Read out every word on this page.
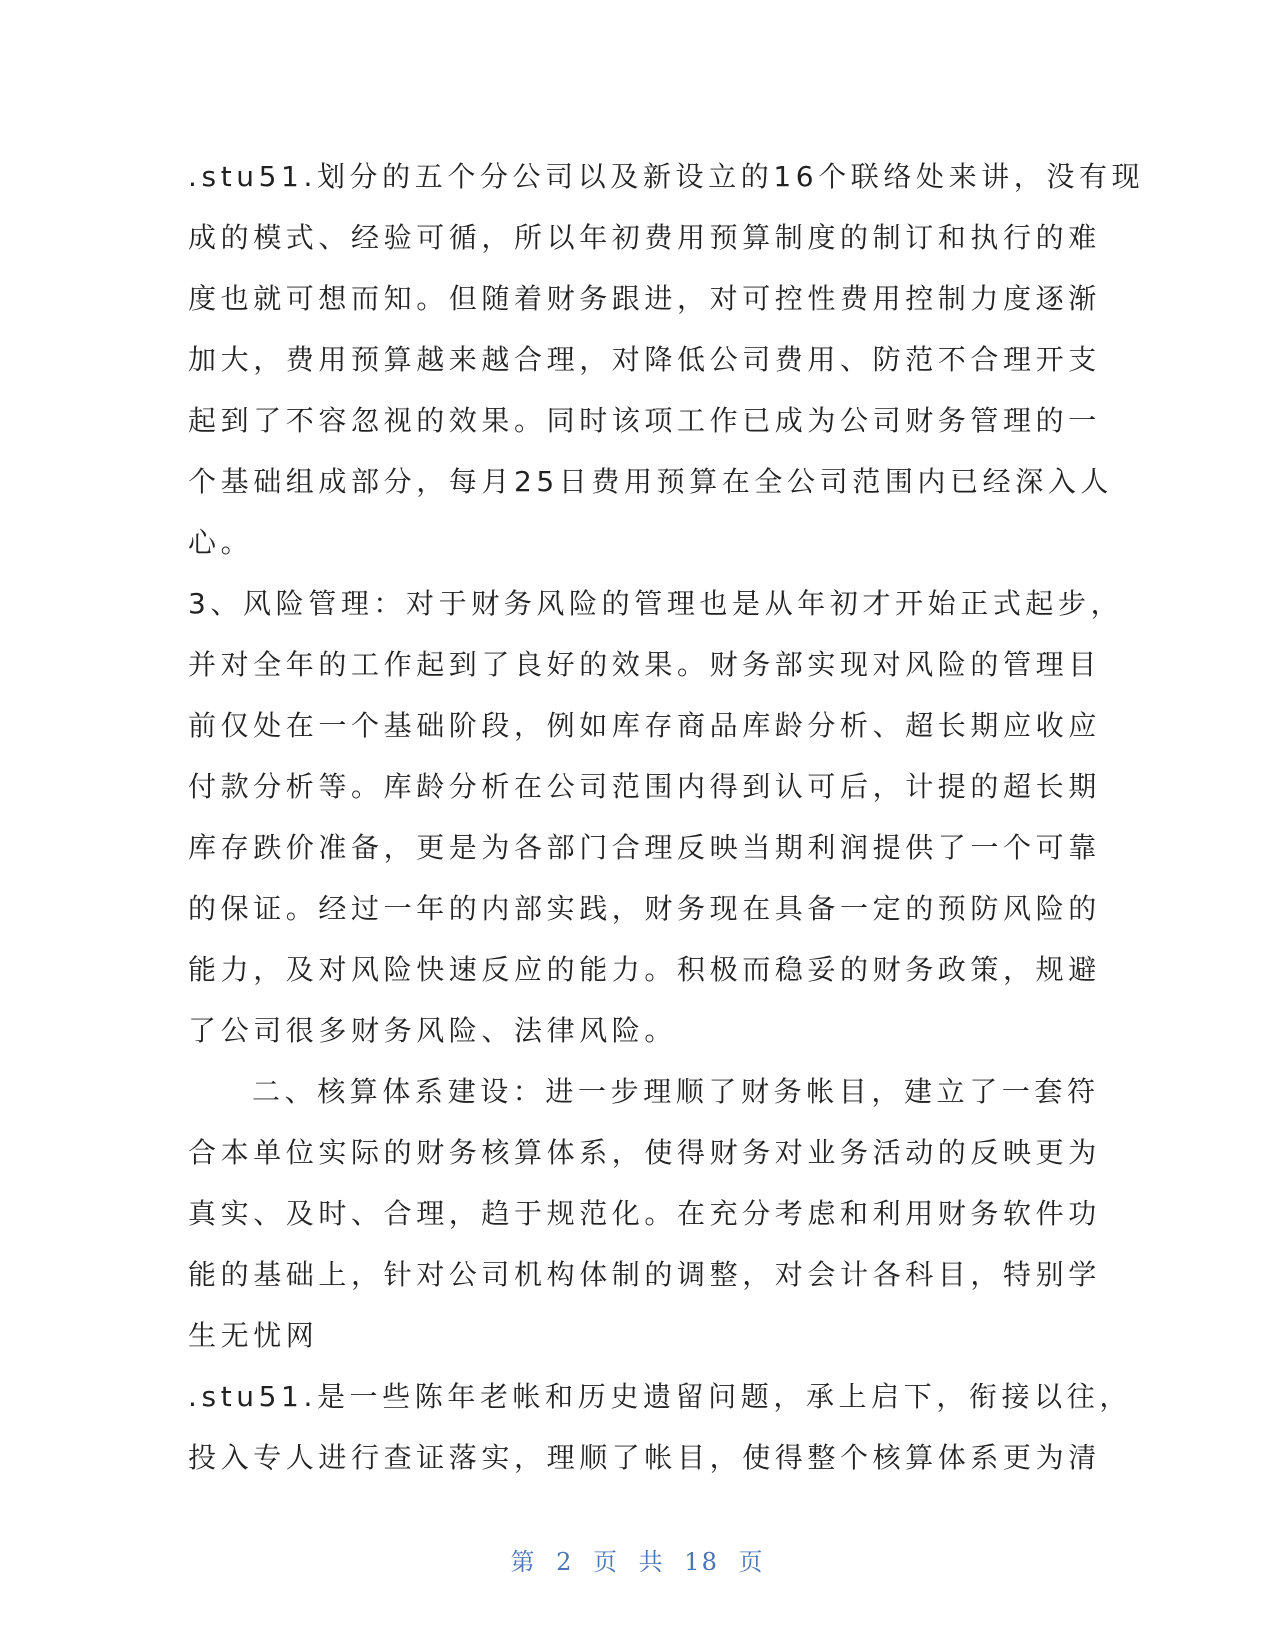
.stu51.划分的五个分公司以及新设立的16个联络处来讲，没有现
成的模式、经验可循，所以年初费用预算制度的制订和执行的难
度也就可想而知。但随着财务跟进，对可控性费用控制力度逐渐
加大，费用预算越来越合理，对降低公司费用、防范不合理开支
起到了不容忽视的效果。同时该项工作已成为公司财务管理的一
个基础组成部分，每月25日费用预算在全公司范围内已经深入人
心。
3、风险管理：对于财务风险的管理也是从年初才开始正式起步，
并对全年的工作起到了良好的效果。财务部实现对风险的管理目
前仅处在一个基础阶段，例如库存商品库龄分析、超长期应收应
付款分析等。库龄分析在公司范围内得到认可后，计提的超长期
库存跌价准备，更是为各部门合理反映当期利润提供了一个可靠
的保证。经过一年的内部实践，财务现在具备一定的预防风险的
能力，及对风险快速反应的能力。积极而稳妥的财务政策，规避
了公司很多财务风险、法律风险。
二、核算体系建设：进一步理顺了财务帐目，建立了一套符
合本单位实际的财务核算体系，使得财务对业务活动的反映更为
真实、及时、合理，趋于规范化。在充分考虑和利用财务软件功
能的基础上，针对公司机构体制的调整，对会计各科目，特别学
生无忧网
.stu51.是一些陈年老帐和历史遗留问题，承上启下，衔接以往，
投入专人进行查证落实，理顺了帐目，使得整个核算体系更为清
第 2 页 共 18 页
